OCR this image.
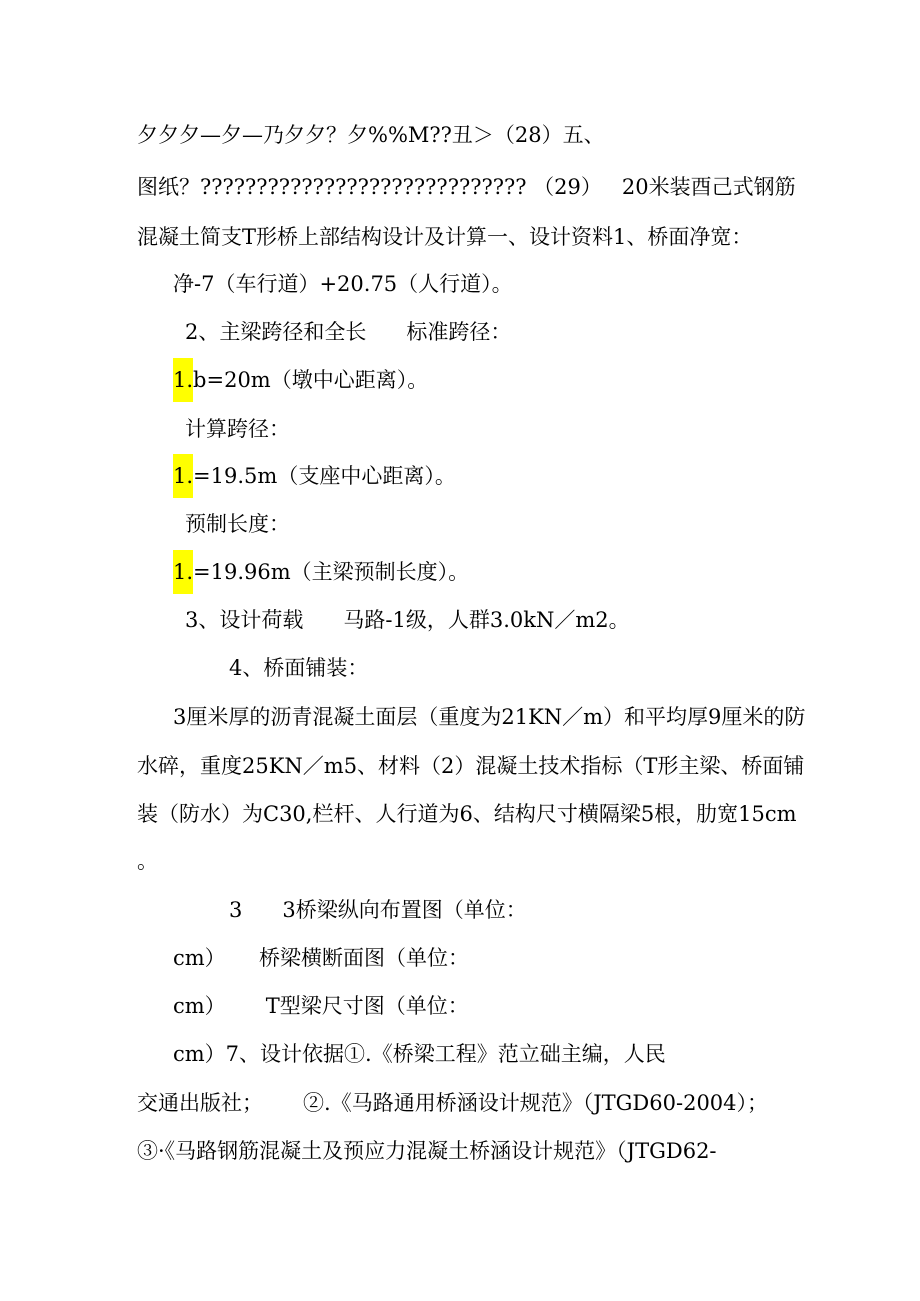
夕夕夕—夕—乃夕夕？夕%%M??丑＞（28）五、
图纸？????????????????????????????? （29）   20米装酉己式钢筋
混凝土简支T形桥上部结构设计及计算一、设计资料1、桥面净宽：
净-7（车行道）+20.75（人行道）。
2、主梁跨径和全长      标准跨径：
1.b=20m（墩中心距离）。
计算跨径：
1.=19.5m（支座中心距离）。
预制长度：
1.=19.96m（主梁预制长度）。
3、设计荷载      马路-1级，人群3.0kN／m2。
4、桥面铺装：
3厘米厚的沥青混凝土面层（重度为21KN／m）和平均厚9厘米的防
水碎，重度25KN／m5、材料（2）混凝土技术指标（T形主梁、桥面铺
装（防水）为C30,栏杆、人行道为6、结构尺寸横隔梁5根，肋宽15cm
。
3      3桥梁纵向布置图（单位：
cm）     桥梁横断面图（单位：
cm）      T型梁尺寸图（单位：
cm）7、设计依据①.《桥梁工程》范立础主编，人民
交通出版社；      ②.《马路通用桥涵设计规范》（JTGD60-2004）；
③·《马路钢筋混凝土及预应力混凝土桥涵设计规范》（JTGD62-
